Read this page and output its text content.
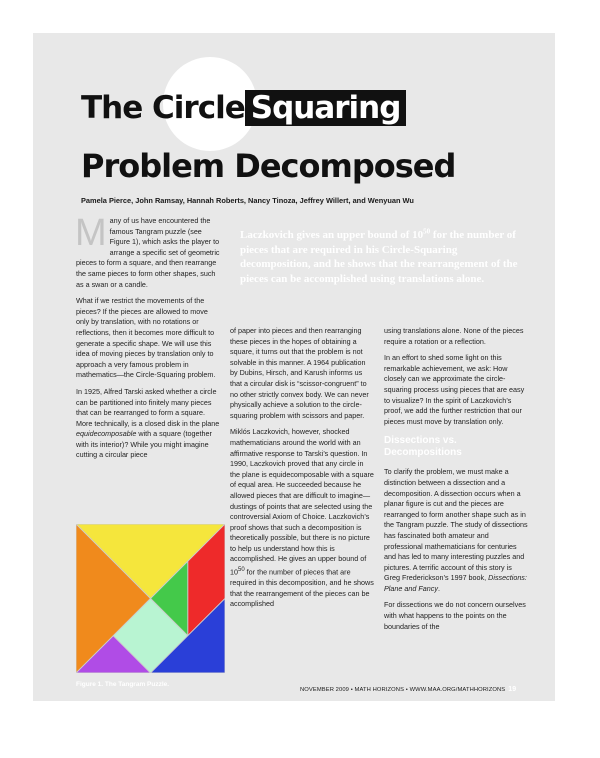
The Circle Squaring
Problem Decomposed
Pamela Pierce, John Ramsay, Hannah Roberts, Nancy Tinoza, Jeffrey Willert, and Wenyuan Wu

Many of us have encountered the famous Tangram puzzle (see Figure 1), which asks the player to arrange a specific set of geometric pieces to form a square, and then rearrange the same pieces to form other shapes, such as a swan or a candle.

What if we restrict the movements of the pieces? If the pieces are allowed to move only by translation, with no rotations or reflections, then it becomes more difficult to generate a specific shape. We will use this idea of moving pieces by translation only to approach a very famous problem in mathematics—the Circle-Squaring problem.

In 1925, Alfred Tarski asked whether a circle can be partitioned into finitely many pieces that can be rearranged to form a square. More technically, is a closed disk in the plane equidecomposable with a square (together with its interior)? While you might imagine cutting a circular piece

Laczkovich gives an upper bound of $10^{50}$ for the number of pieces that are required in his Circle-Squaring decomposition, and he shows that the rearrangement of the pieces can be accomplished using translations alone.

of paper into pieces and then rearranging these pieces in the hopes of obtaining a square, it turns out that the problem is not solvable in this manner. A 1964 publication by Dubins, Hirsch, and Karush informs us that a circular disk is “scissor-congruent” to no other strictly convex body. We can never physically achieve a solution to the circle-squaring problem with scissors and paper.

Miklós Laczkovich, however, shocked mathematicians around the world with an affirmative response to Tarski’s question. In 1990, Laczkovich proved that any circle in the plane is equidecomposable with a square of equal area. He succeeded because he allowed pieces that are difficult to imagine—dustings of points that are selected using the controversial Axiom of Choice. Laczkovich’s proof shows that such a decomposition is theoretically possible, but there is no picture to help us understand how this is accomplished. He gives an upper bound of $10^{50}$ for the number of pieces that are required in this decomposition, and he shows that the rearrangement of the pieces can be accomplished

using translations alone. None of the pieces require a rotation or a reflection.

In an effort to shed some light on this remarkable achievement, we ask: How closely can we approximate the circle-squaring process using pieces that are easy to visualize? In the spirit of Laczkovich’s proof, we add the further restriction that our pieces must move by translation only.

Dissections vs. Decompositions

To clarify the problem, we must make a distinction between a dissection and a decomposition. A dissection occurs when a planar figure is cut and the pieces are rearranged to form another shape such as in the Tangram puzzle. The study of dissections has fascinated both amateur and professional mathematicians for centuries and has led to many interesting puzzles and pictures. A terrific account of this story is Greg Frederickson’s 1997 book, Dissections: Plane and Fancy.

For dissections we do not concern ourselves with what happens to the points on the boundaries of the

Figure 1. The Tangram Puzzle.
NOVEMBER 2009 • MATH HORIZONS • WWW.MAA.ORG/MATHHORIZONS 19
